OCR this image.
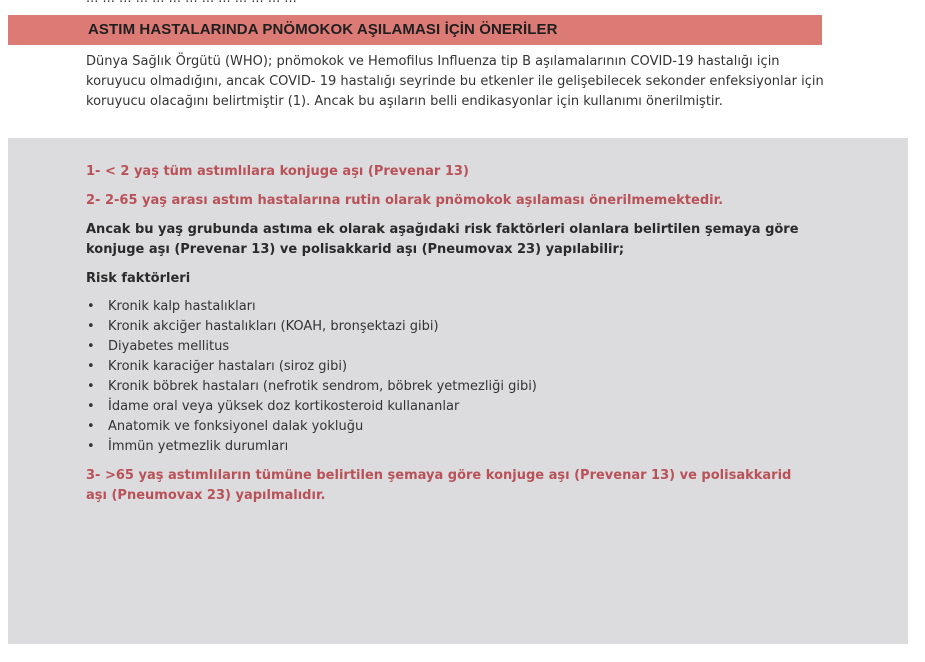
ASTIM HASTALARINDA PNÖMOKOK AŞILAMASI İÇİN ÖNERİLER

Dünya Sağlık Örgütü (WHO); pnömokok ve Hemofilus Influenza tip B aşılamalarının COVID-19 hastalığı için koruyucu olmadığını, ancak COVID- 19 hastalığı seyrinde bu etkenler ile gelişebilecek sekonder enfeksiyonlar için koruyucu olacağını belirtmiştir (1). Ancak bu aşıların belli endikasyonlar için kullanımı önerilmiştir.

1- < 2 yaş tüm astımlılara konjuge aşı (Prevenar 13)

2- 2-65 yaş arası astım hastalarına rutin olarak pnömokok aşılaması önerilmemektedir.

Ancak bu yaş grubunda astıma ek olarak aşağıdaki risk faktörleri olanlara belirtilen şemaya göre konjuge aşı (Prevenar 13) ve polisakkarid aşı (Pneumovax 23) yapılabilir;

Risk faktörleri

•	Kronik kalp hastalıkları
•	Kronik akciğer hastalıkları (KOAH, bronşektazi gibi)
•	Diyabetes mellitus
•	Kronik karaciğer hastaları (siroz gibi)
•	Kronik böbrek hastaları (nefrotik sendrom, böbrek yetmezliği gibi)
•	İdame oral veya yüksek doz kortikosteroid kullananlar
•	Anatomik ve fonksiyonel dalak yokluğu
•	İmmün yetmezlik durumları

3- >65 yaş astımlıların tümüne belirtilen şemaya göre konjuge aşı (Prevenar 13) ve polisakkarid aşı (Pneumovax 23) yapılmalıdır.
